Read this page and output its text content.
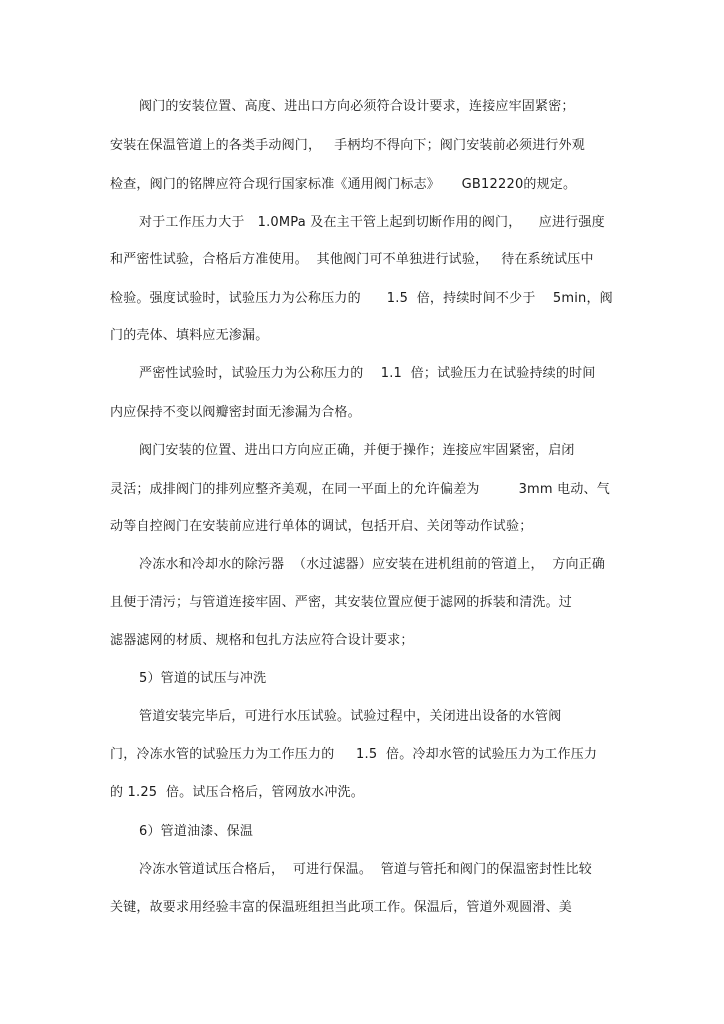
阀门的安装位置、高度、进出口方向必须符合设计要求，连接应牢固紧密；
安装在保温管道上的各类手动阀门，   手柄均不得向下；阀门安装前必须进行外观
检查，阀门的铭牌应符合现行国家标准《通用阀门标志》     GB12220的规定。
对于工作压力大于   1.0MPa 及在主干管上起到切断作用的阀门，    应进行强度
和严密性试验，合格后方准使用。  其他阀门可不单独进行试验，   待在系统试压中
检验。强度试验时，试验压力为公称压力的      1.5  倍，持续时间不少于    5min，阀
门的壳体、填料应无渗漏。
严密性试验时，试验压力为公称压力的    1.1  倍；试验压力在试验持续的时间
内应保持不变以阀瓣密封面无渗漏为合格。
阀门安装的位置、进出口方向应正确，并便于操作；连接应牢固紧密，启闭
灵活；成排阀门的排列应整齐美观，在同一平面上的允许偏差为         3mm 电动、气
动等自控阀门在安装前应进行单体的调试，包括开启、关闭等动作试验；
冷冻水和冷却水的除污器  （水过滤器）应安装在进机组前的管道上，  方向正确
且便于清污；与管道连接牢固、严密，其安装位置应便于滤网的拆装和清洗。过
滤器滤网的材质、规格和包扎方法应符合设计要求；
5）管道的试压与冲洗
管道安装完毕后，可进行水压试验。试验过程中，关闭进出设备的水管阀
门，冷冻水管的试验压力为工作压力的     1.5  倍。冷却水管的试验压力为工作压力
的 1.25  倍。试压合格后，管网放水冲洗。
6）管道油漆、保温
冷冻水管道试压合格后，  可进行保温。  管道与管托和阀门的保温密封性比较
关键，故要求用经验丰富的保温班组担当此项工作。保温后，管道外观圆滑、美
